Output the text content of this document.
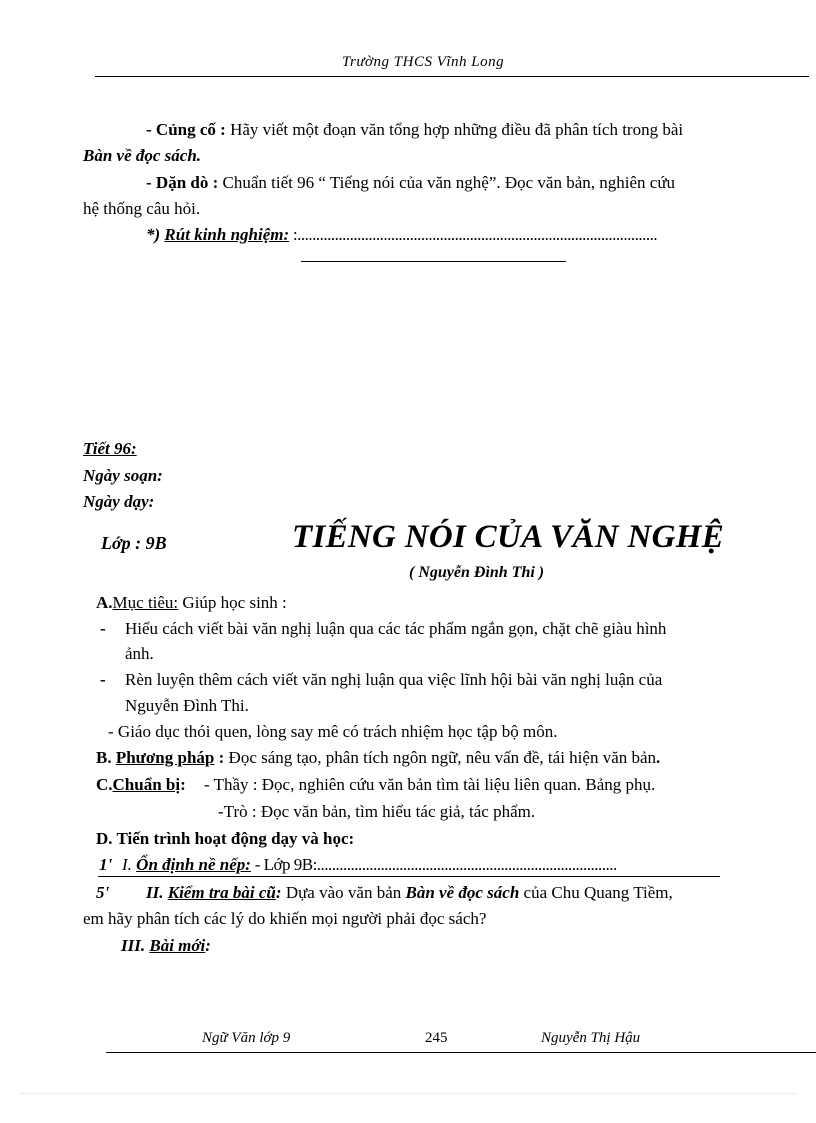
Trường THCS Vĩnh Long
- Củng cố : Hãy viết một đoạn văn tổng hợp những điều đã phân tích trong bài
Bàn về đọc sách.
- Dặn dò : Chuẩn tiết 96 “ Tiếng nói của văn nghệ”. Đọc văn bản, nghiên cứu
hệ thống câu hỏi.
*) Rút kinh nghiệm: :................................................................................................
Tiết 96:
Ngày soạn:
Ngày dạy:
Lớp : 9B	TIẾNG NÓI CỦA VĂN NGHỆ
( Nguyễn Đình Thi )
A.Mục tiêu: Giúp học sinh :
- Hiểu cách viết bài văn nghị luận qua các tác phẩm ngắn gọn, chặt chẽ giàu hình
ảnh.
- Rèn luyện thêm cách viết văn nghị luận qua việc lĩnh hội bài văn nghị luận của
Nguyễn Đình Thi.
- Giáo dục thói quen, lòng say mê có trách nhiệm học tập bộ môn.
B. Phương pháp : Đọc sáng tạo, phân tích ngôn ngữ, nêu vấn đề, tái hiện văn bản.
C.Chuẩn bị: - Thầy : Đọc, nghiên cứu văn bản tìm tài liệu liên quan. Bảng phụ.
-Trò : Đọc văn bản, tìm hiểu tác giả, tác phẩm.
D. Tiến trình hoạt động dạy và học:
1' I. Ổn định nề nếp: - Lớp 9B:................................................................................
5' II. Kiểm tra bài cũ: Dựa vào văn bản Bàn về đọc sách của Chu Quang Tiềm,
em hãy phân tích các lý do khiến mọi người phải đọc sách?
III. Bài mới:
Ngữ Văn lớp 9	245	Nguyễn Thị Hậu
